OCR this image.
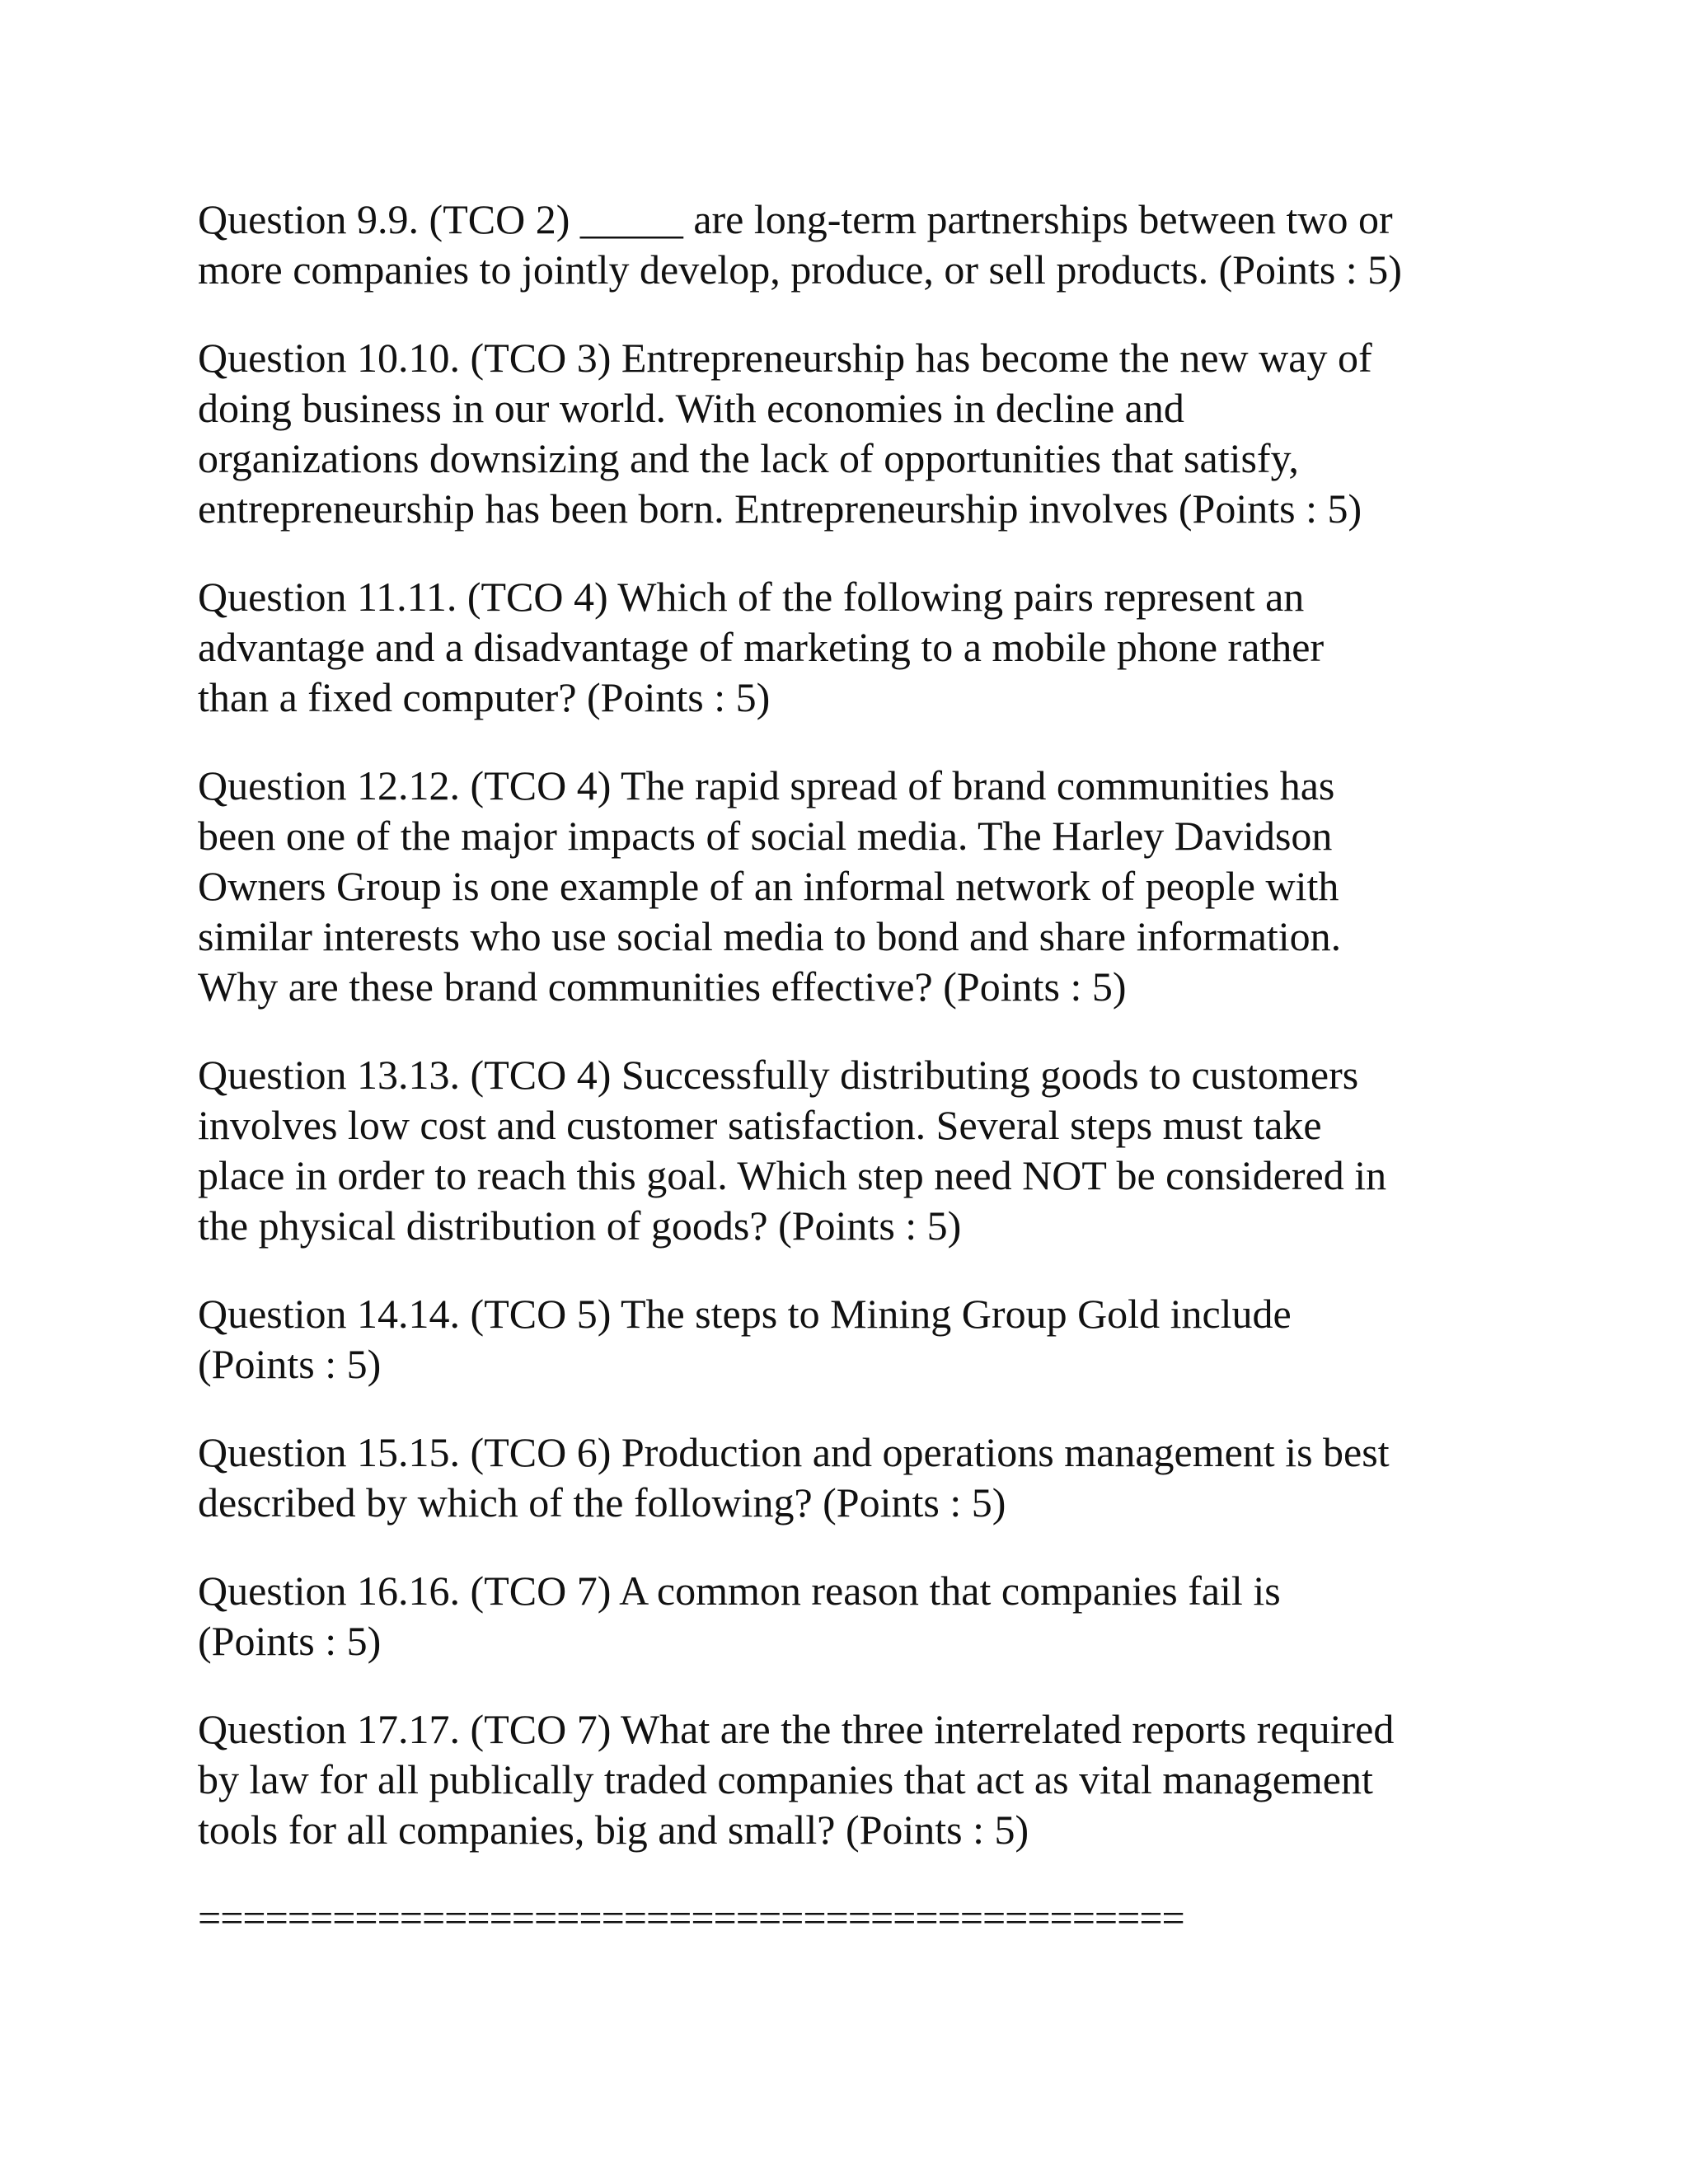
Question 9.9. (TCO 2) _____ are long-term partnerships between two or
more companies to jointly develop, produce, or sell products. (Points : 5)
Question 10.10. (TCO 3) Entrepreneurship has become the new way of
doing business in our world. With economies in decline and
organizations downsizing and the lack of opportunities that satisfy,
entrepreneurship has been born. Entrepreneurship involves (Points : 5)
Question 11.11. (TCO 4) Which of the following pairs represent an
advantage and a disadvantage of marketing to a mobile phone rather
than a fixed computer? (Points : 5)
Question 12.12. (TCO 4) The rapid spread of brand communities has
been one of the major impacts of social media. The Harley Davidson
Owners Group is one example of an informal network of people with
similar interests who use social media to bond and share information.
Why are these brand communities effective? (Points : 5)
Question 13.13. (TCO 4) Successfully distributing goods to customers
involves low cost and customer satisfaction. Several steps must take
place in order to reach this goal. Which step need NOT be considered in
the physical distribution of goods? (Points : 5)
Question 14.14. (TCO 5) The steps to Mining Group Gold include
(Points : 5)
Question 15.15. (TCO 6) Production and operations management is best
described by which of the following? (Points : 5)
Question 16.16. (TCO 7) A common reason that companies fail is
(Points : 5)
Question 17.17. (TCO 7) What are the three interrelated reports required
by law for all publically traded companies that act as vital management
tools for all companies, big and small? (Points : 5)
============================================
